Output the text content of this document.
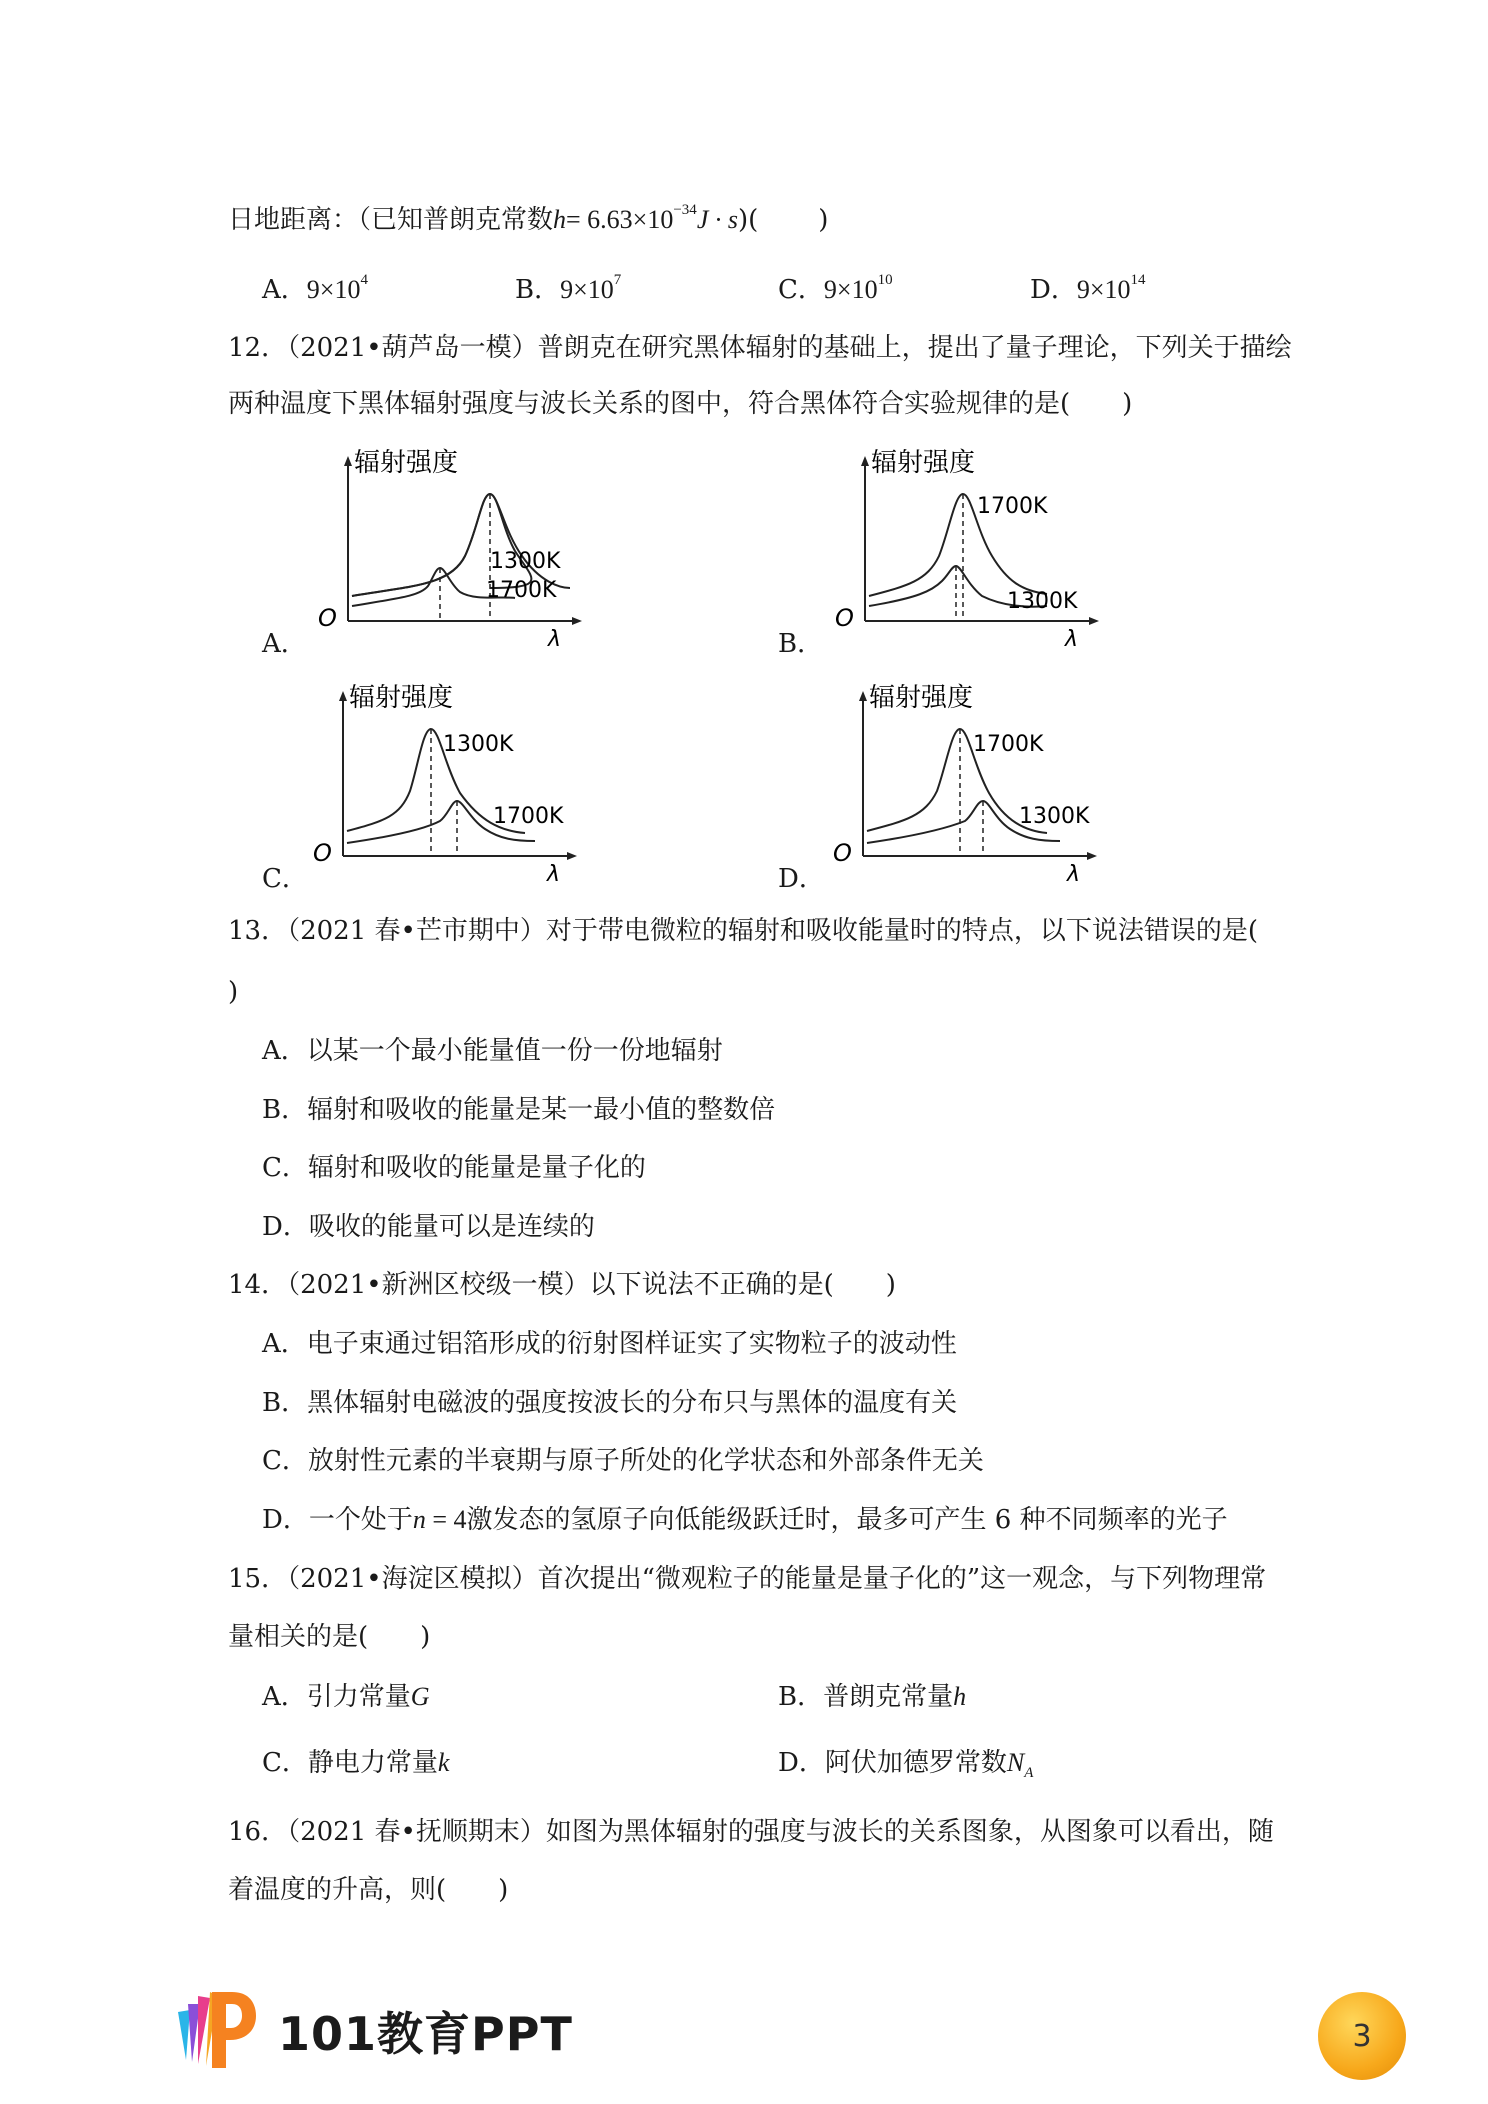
日地距离：（已知普朗克常数$h= 6.63\times 10^{-34}J \cdot s$)( )
A．$9\times 10^4$	B．$9\times 10^7$	C．$9\times 10^{10}$	D．$9\times 10^{14}$
12．（2021•葫芦岛一模）普朗克在研究黑体辐射的基础上，提出了量子理论，下列关于描绘
两种温度下黑体辐射强度与波长关系的图中，符合黑体符合实验规律的是(　　)
A．
辐射强度
O
λ
1300K
1700K
B．
辐射强度
O
λ
1700K
1300K
C．
辐射强度
O
λ
1300K
1700K
D．
辐射强度
O
λ
1700K
1300K
13．（2021 春•芒市期中）对于带电微粒的辐射和吸收能量时的特点，以下说法错误的是(
)
A．以某一个最小能量值一份一份地辐射
B．辐射和吸收的能量是某一最小值的整数倍
C．辐射和吸收的能量是量子化的
D．吸收的能量可以是连续的
14．（2021•新洲区校级一模）以下说法不正确的是(　　)
A．电子束通过铝箔形成的衍射图样证实了实物粒子的波动性
B．黑体辐射电磁波的强度按波长的分布只与黑体的温度有关
C．放射性元素的半衰期与原子所处的化学状态和外部条件无关
D．一个处于n = 4激发态的氢原子向低能级跃迁时，最多可产生 6 种不同频率的光子
15．（2021•海淀区模拟）首次提出“微观粒子的能量是量子化的”这一观念，与下列物理常
量相关的是(　　)
A．引力常量G	B．普朗克常量h
C．静电力常量k	D．阿伏加德罗常数$N_A$
16．（2021 春•抚顺期末）如图为黑体辐射的强度与波长的关系图象，从图象可以看出，随
着温度的升高，则(　　)
101教育PPT	3
